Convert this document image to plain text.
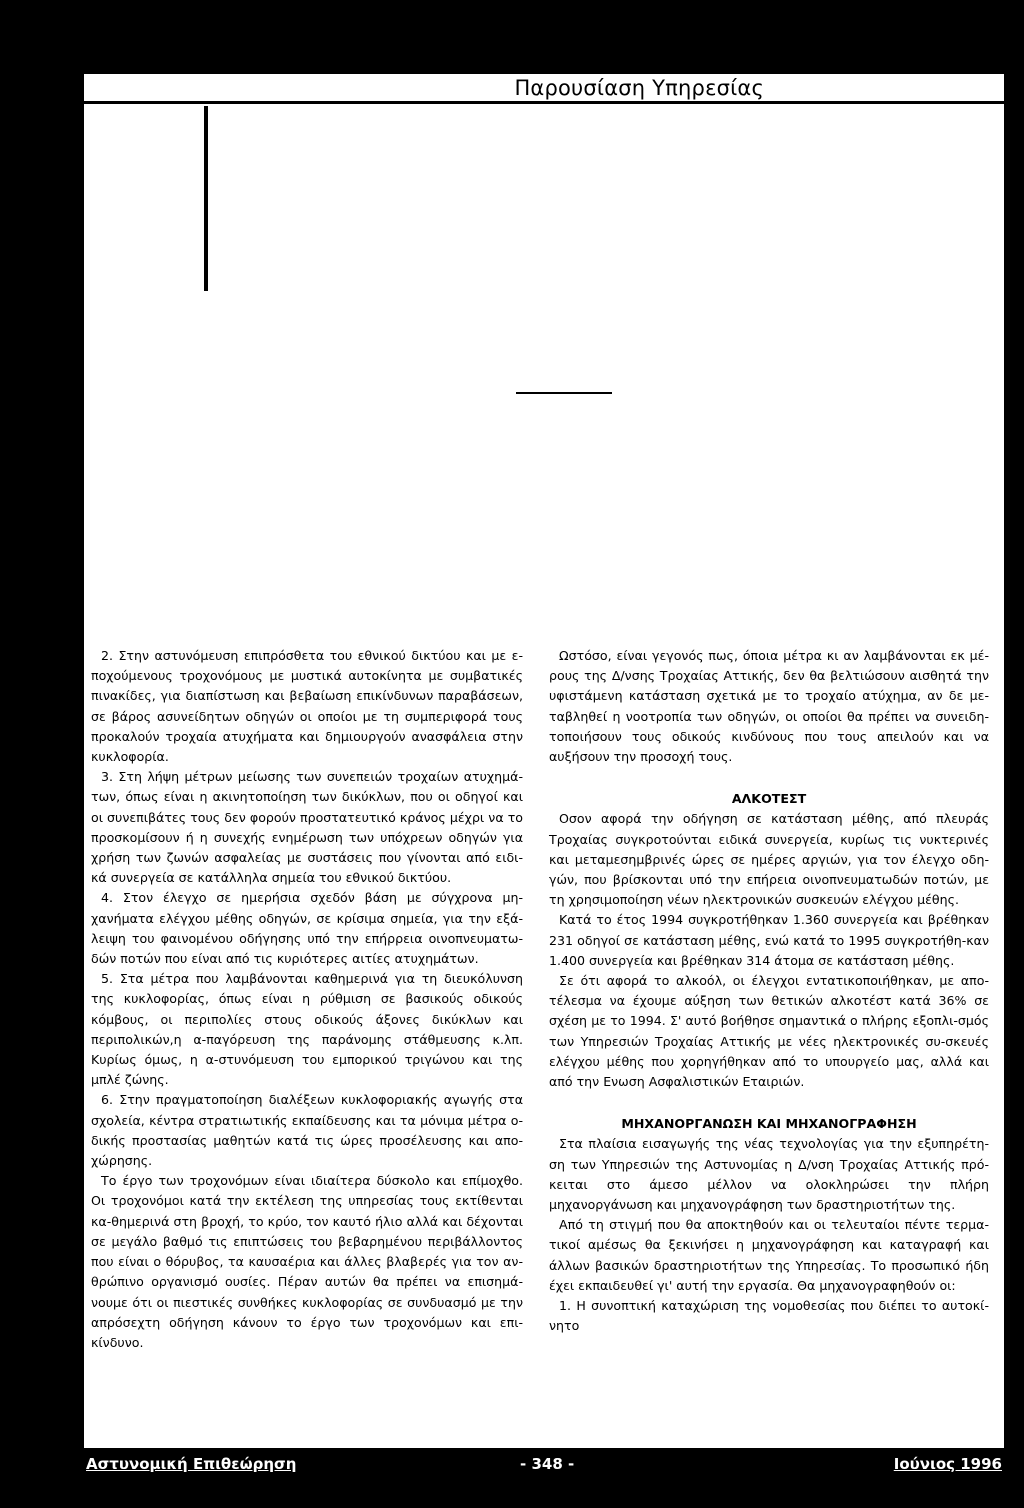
Παρουσίαση Υπηρεσίας

2. Στην αστυνόμευση επιπρόσθετα του εθνικού δικτύου και με ε-ποχούμενους τροχονόμους με μυστικά αυτοκίνητα με συμβατικές πινακίδες, για διαπίστωση και βεβαίωση επικίνδυνων παραβάσεων, σε βάρος ασυνείδητων οδηγών οι οποίοι με τη συμπεριφορά τους προκαλούν τροχαία ατυχήματα και δημιουργούν ανασφάλεια στην κυκλοφορία.

3. Στη λήψη μέτρων μείωσης των συνεπειών τροχαίων ατυχημά-των, όπως είναι η ακινητοποίηση των δικύκλων, που οι οδηγοί και οι συνεπιβάτες τους δεν φορούν προστατευτικό κράνος μέχρι να το προσκομίσουν ή η συνεχής ενημέρωση των υπόχρεων οδηγών για χρήση των ζωνών ασφαλείας με συστάσεις που γίνονται από ειδι-κά συνεργεία σε κατάλληλα σημεία του εθνικού δικτύου.

4. Στον έλεγχο σε ημερήσια σχεδόν βάση με σύγχρονα μη-χανήματα ελέγχου μέθης οδηγών, σε κρίσιμα σημεία, για την εξά-λειψη του φαινομένου οδήγησης υπό την επήρρεια οινοπνευματω-δών ποτών που είναι από τις κυριότερες αιτίες ατυχημάτων.

5. Στα μέτρα που λαμβάνονται καθημερινά για τη διευκόλυνση της κυκλοφορίας, όπως είναι η ρύθμιση σε βασικούς οδικούς κόμβους, οι περιπολίες στους οδικούς άξονες δικύκλων και περιπολικών,η α-παγόρευση της παράνομης στάθμευσης κ.λπ. Κυρίως όμως, η α-στυνόμευση του εμπορικού τριγώνου και της μπλέ ζώνης.

6. Στην πραγματοποίηση διαλέξεων κυκλοφοριακής αγωγής στα σχολεία, κέντρα στρατιωτικής εκπαίδευσης και τα μόνιμα μέτρα ο-δικής προστασίας μαθητών κατά τις ώρες προσέλευσης και απο-χώρησης.

Το έργο των τροχονόμων είναι ιδιαίτερα δύσκολο και επίμοχθο. Οι τροχονόμοι κατά την εκτέλεση της υπηρεσίας τους εκτίθενται κα-θημερινά στη βροχή, το κρύο, τον καυτό ήλιο αλλά και δέχονται σε μεγάλο βαθμό τις επιπτώσεις του βεβαρημένου περιβάλλοντος που είναι ο θόρυβος, τα καυσαέρια και άλλες βλαβερές για τον αν-θρώπινο οργανισμό ουσίες. Πέραν αυτών θα πρέπει να επισημά-νουμε ότι οι πιεστικές συνθήκες κυκλοφορίας σε συνδυασμό με την απρόσεχτη οδήγηση κάνουν το έργο των τροχονόμων και επι-κίνδυνο.

Ωστόσο, είναι γεγονός πως, όποια μέτρα κι αν λαμβάνονται εκ μέ-ρους της Δ/νσης Τροχαίας Αττικής, δεν θα βελτιώσουν αισθητά την υφιστάμενη κατάσταση σχετικά με το τροχαίο ατύχημα, αν δε με-ταβληθεί η νοοτροπία των οδηγών, οι οποίοι θα πρέπει να συνειδη-τοποιήσουν τους οδικούς κινδύνους που τους απειλούν και να αυξήσουν την προσοχή τους.

ΑΛΚΟΤΕΣΤ

Οσον αφορά την οδήγηση σε κατάσταση μέθης, από πλευράς Τροχαίας συγκροτούνται ειδικά συνεργεία, κυρίως τις νυκτερινές και μεταμεσημβρινές ώρες σε ημέρες αργιών, για τον έλεγχο οδη-γών, που βρίσκονται υπό την επήρεια οινοπνευματωδών ποτών, με τη χρησιμοποίηση νέων ηλεκτρονικών συσκευών ελέγχου μέθης.

Κατά το έτος 1994 συγκροτήθηκαν 1.360 συνεργεία και βρέθηκαν 231 οδηγοί σε κατάσταση μέθης, ενώ κατά το 1995 συγκροτήθη-καν 1.400 συνεργεία και βρέθηκαν 314 άτομα σε κατάσταση μέθης.

Σε ότι αφορά το αλκοόλ, οι έλεγχοι εντατικοποιήθηκαν, με απο-τέλεσμα να έχουμε αύξηση των θετικών αλκοτέστ κατά 36% σε σχέση με το 1994. Σ' αυτό βοήθησε σημαντικά ο πλήρης εξοπλι-σμός των Υπηρεσιών Τροχαίας Αττικής με νέες ηλεκτρονικές συ-σκευές ελέγχου μέθης που χορηγήθηκαν από το υπουργείο μας, αλλά και από την Ενωση Ασφαλιστικών Εταιριών.

ΜΗΧΑΝΟΡΓΑΝΩΣΗ ΚΑΙ ΜΗΧΑΝΟΓΡΑΦΗΣΗ

Στα πλαίσια εισαγωγής της νέας τεχνολογίας για την εξυπηρέτη-ση των Υπηρεσιών της Αστυνομίας η Δ/νση Τροχαίας Αττικής πρό-κειται στο άμεσο μέλλον να ολοκληρώσει την πλήρη μηχανοργάνωση και μηχανογράφηση των δραστηριοτήτων της.

Από τη στιγμή που θα αποκτηθούν και οι τελευταίοι πέντε τερμα-τικοί αμέσως θα ξεκινήσει η μηχανογράφηση και καταγραφή και άλλων βασικών δραστηριοτήτων της Υπηρεσίας. Το προσωπικό ήδη έχει εκπαιδευθεί γι' αυτή την εργασία. Θα μηχανογραφηθούν οι:

1. Η συνοπτική καταχώριση της νομοθεσίας που διέπει το αυτοκί-νητο

Αστυνομική Επιθεώρηση	- 348 -	Ιούνιος 1996
